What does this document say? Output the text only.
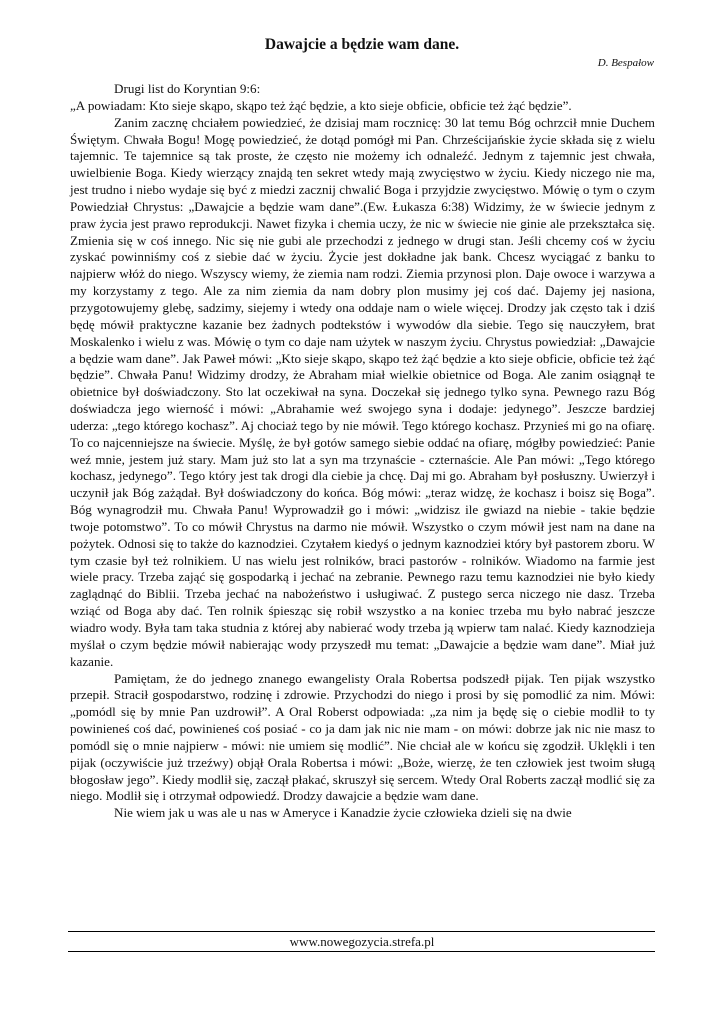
Dawajcie a będzie wam dane.
D. Bespałow

Drugi list do Koryntian 9:6:

„A powiadam: Kto sieje skąpo, skąpo też żąć będzie, a kto sieje obficie, obficie też żąć będzie”.

Zanim zacznę chciałem powiedzieć, że dzisiaj mam rocznicę: 30 lat temu Bóg ochrzcił mnie Duchem Świętym. Chwała Bogu! Mogę powiedzieć, że dotąd pomógł mi Pan. Chrześcijańskie życie składa się z wielu tajemnic. Te tajemnice są tak proste, że często nie możemy ich odnaleźć. Jednym z tajemnic jest chwała, uwielbienie Boga. Kiedy wierzący znajdą ten sekret wtedy mają zwycięstwo w życiu. Kiedy niczego nie ma, jest trudno i niebo wydaje się być z miedzi zacznij chwalić Boga i przyjdzie zwycięstwo. Mówię o tym o czym Powiedział Chrystus: „Dawajcie a będzie wam dane”.(Ew. Łukasza 6:38) Widzimy, że w świecie jednym z praw życia jest prawo reprodukcji. Nawet fizyka i chemia uczy, że nic w świecie nie ginie ale przekształca się. Zmienia się w coś innego. Nic się nie gubi ale przechodzi z jednego w drugi stan. Jeśli chcemy coś w życiu zyskać powinniśmy coś z siebie dać w życiu. Życie jest dokładne jak bank. Chcesz wyciągać z banku to najpierw włóż do niego. Wszyscy wiemy, że ziemia nam rodzi. Ziemia przynosi plon. Daje owoce i warzywa a my korzystamy z tego. Ale za nim ziemia da nam dobry plon musimy jej coś dać. Dajemy jej nasiona, przygotowujemy glebę, sadzimy, siejemy i wtedy ona oddaje nam o wiele więcej. Drodzy jak często tak i dziś będę mówił praktyczne kazanie bez żadnych podtekstów i wywodów dla siebie. Tego się nauczyłem, brat Moskalenko i wielu z was. Mówię o tym co daje nam użytek w naszym życiu. Chrystus powiedział: „Dawajcie a będzie wam dane”. Jak Paweł mówi: „Kto sieje skąpo, skąpo też żąć będzie a kto sieje obficie, obficie też żąć będzie”. Chwała Panu! Widzimy drodzy, że Abraham miał wielkie obietnice od Boga. Ale zanim osiągnął te obietnice był doświadczony. Sto lat oczekiwał na syna. Doczekał się jednego tylko syna. Pewnego razu Bóg doświadcza jego wierność i mówi: „Abrahamie weź swojego syna i dodaje: jedynego”. Jeszcze bardziej uderza: „tego którego kochasz”. Aj chociaż tego by nie mówił. Tego którego kochasz. Przynieś mi go na ofiarę. To co najcenniejsze na świecie. Myślę, że był gotów samego siebie oddać na ofiarę, mógłby powiedzieć: Panie weź mnie, jestem już stary. Mam już sto lat a syn ma trzynaście - czternaście. Ale Pan mówi: „Tego którego kochasz, jedynego”. Tego który jest tak drogi dla ciebie ja chcę. Daj mi go. Abraham był posłuszny. Uwierzył i uczynił jak Bóg zażądał. Był doświadczony do końca. Bóg mówi: „teraz widzę, że kochasz i boisz się Boga”. Bóg wynagrodził mu. Chwała Panu! Wyprowadził go i mówi: „widzisz ile gwiazd na niebie - takie będzie twoje potomstwo”. To co mówił Chrystus na darmo nie mówił. Wszystko o czym mówił jest nam na dane na pożytek. Odnosi się to także do kaznodziei. Czytałem kiedyś o jednym kaznodziei który był pastorem zboru. W tym czasie był też rolnikiem. U nas wielu jest rolników, braci pastorów - rolników. Wiadomo na farmie jest wiele pracy. Trzeba zająć się gospodarką i jechać na zebranie. Pewnego razu temu kaznodziei nie było kiedy zaglądnąć do Biblii. Trzeba jechać na nabożeństwo i usługiwać. Z pustego serca niczego nie dasz. Trzeba wziąć od Boga aby dać. Ten rolnik śpiesząc się robił wszystko a na koniec trzeba mu było nabrać jeszcze wiadro wody. Była tam taka studnia z której aby nabierać wody trzeba ją wpierw tam nalać. Kiedy kaznodzieja myślał o czym będzie mówił nabierając wody przyszedł mu temat: „Dawajcie a będzie wam dane”. Miał już kazanie.

Pamiętam, że do jednego znanego ewangelisty Orala Robertsa podszedł pijak. Ten pijak wszystko przepił. Stracił gospodarstwo, rodzinę i zdrowie. Przychodzi do niego i prosi by się pomodlić za nim. Mówi: „pomódl się by mnie Pan uzdrowił”. A Oral Roberst odpowiada: „za nim ja będę się o ciebie modlił to ty powinieneś coś dać, powinieneś coś posiać - co ja dam jak nic nie mam - on mówi: dobrze jak nic nie masz to pomódl się o mnie najpierw - mówi: nie umiem się modlić”. Nie chciał ale w końcu się zgodził. Uklękli i ten pijak (oczywiście już trzeźwy) objął Orala Robertsa i mówi: „Boże, wierzę, że ten człowiek jest twoim sługą błogosław jego”. Kiedy modlił się, zaczął płakać, skruszył się sercem. Wtedy Oral Roberts zaczął modlić się za niego. Modlił się i otrzymał odpowiedź. Drodzy dawajcie a będzie wam dane.

Nie wiem jak u was ale u nas w Ameryce i Kanadzie życie człowieka dzieli się na dwie

www.nowegozycia.strefa.pl
